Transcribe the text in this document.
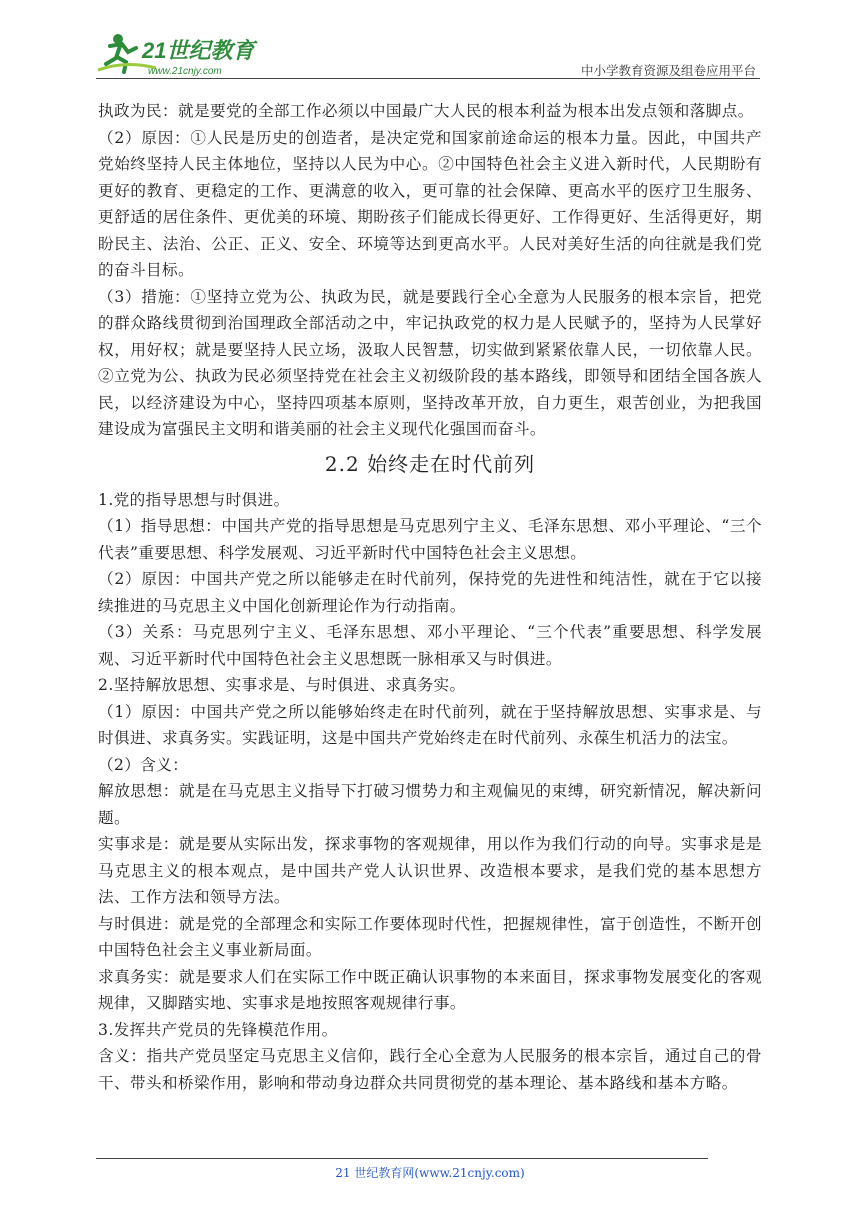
21世纪教育
www.21cnjy.com	中小学教育资源及组卷应用平台

执政为民：就是要党的全部工作必须以中国最广大人民的根本利益为根本出发点领和落脚点。

（2）原因：①人民是历史的创造者，是决定党和国家前途命运的根本力量。因此，中国共产党始终坚持人民主体地位，坚持以人民为中心。②中国特色社会主义进入新时代，人民期盼有更好的教育、更稳定的工作、更满意的收入，更可靠的社会保障、更高水平的医疗卫生服务、更舒适的居住条件、更优美的环境、期盼孩子们能成长得更好、工作得更好、生活得更好，期盼民主、法治、公正、正义、安全、环境等达到更高水平。人民对美好生活的向往就是我们党的奋斗目标。

（3）措施：①坚持立党为公、执政为民，就是要践行全心全意为人民服务的根本宗旨，把党的群众路线贯彻到治国理政全部活动之中，牢记执政党的权力是人民赋予的，坚持为人民掌好权，用好权；就是要坚持人民立场，汲取人民智慧，切实做到紧紧依靠人民，一切依靠人民。②立党为公、执政为民必须坚持党在社会主义初级阶段的基本路线，即领导和团结全国各族人民，以经济建设为中心，坚持四项基本原则，坚持改革开放，自力更生，艰苦创业，为把我国建设成为富强民主文明和谐美丽的社会主义现代化强国而奋斗。

2.2 始终走在时代前列

1.党的指导思想与时俱进。

（1）指导思想：中国共产党的指导思想是马克思列宁主义、毛泽东思想、邓小平理论、“三个代表”重要思想、科学发展观、习近平新时代中国特色社会主义思想。

（2）原因：中国共产党之所以能够走在时代前列，保持党的先进性和纯洁性，就在于它以接续推进的马克思主义中国化创新理论作为行动指南。

（3）关系：马克思列宁主义、毛泽东思想、邓小平理论、“三个代表”重要思想、科学发展观、习近平新时代中国特色社会主义思想既一脉相承又与时俱进。

2.坚持解放思想、实事求是、与时俱进、求真务实。

（1）原因：中国共产党之所以能够始终走在时代前列，就在于坚持解放思想、实事求是、与时俱进、求真务实。实践证明，这是中国共产党始终走在时代前列、永葆生机活力的法宝。

（2）含义：

解放思想：就是在马克思主义指导下打破习惯势力和主观偏见的束缚，研究新情况，解决新问题。

实事求是：就是要从实际出发，探求事物的客观规律，用以作为我们行动的向导。实事求是是马克思主义的根本观点，是中国共产党人认识世界、改造根本要求，是我们党的基本思想方法、工作方法和领导方法。

与时俱进：就是党的全部理念和实际工作要体现时代性，把握规律性，富于创造性，不断开创中国特色社会主义事业新局面。

求真务实：就是要求人们在实际工作中既正确认识事物的本来面目，探求事物发展变化的客观规律，又脚踏实地、实事求是地按照客观规律行事。

3.发挥共产党员的先锋模范作用。

含义：指共产党员坚定马克思主义信仰，践行全心全意为人民服务的根本宗旨，通过自己的骨干、带头和桥梁作用，影响和带动身边群众共同贯彻党的基本理论、基本路线和基本方略。

21 世纪教育网(www.21cnjy.com)
